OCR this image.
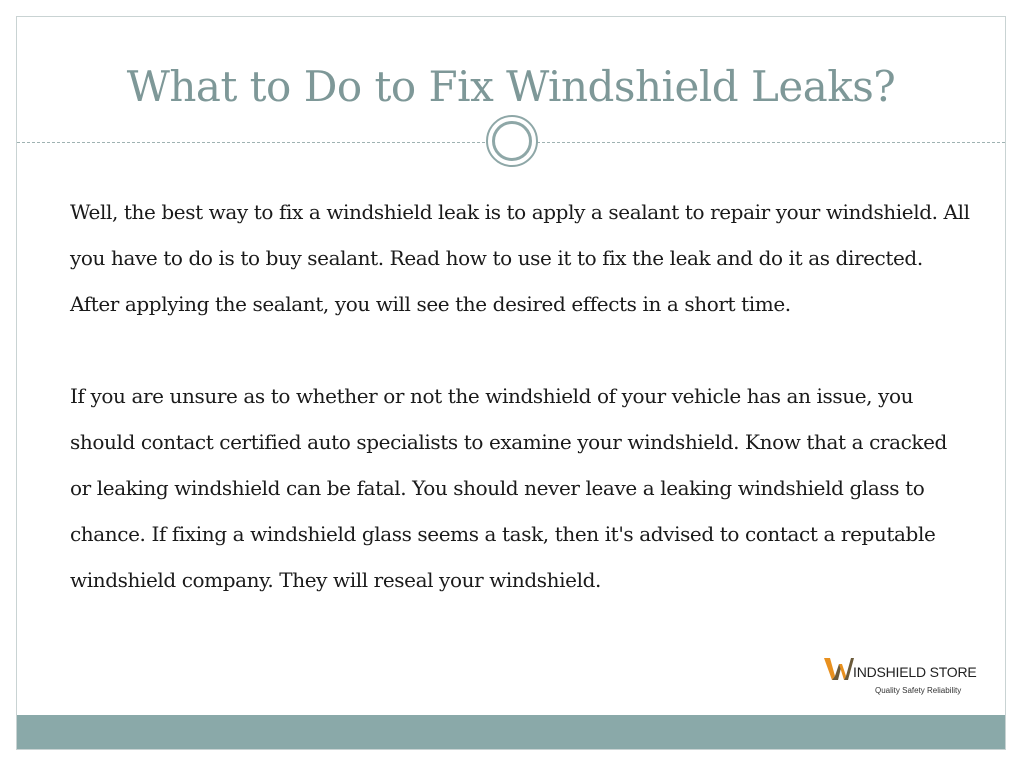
What to Do to Fix Windshield Leaks?

Well, the best way to fix a windshield leak is to apply a sealant to repair your windshield. All you have to do is to buy sealant. Read how to use it to fix the leak and do it as directed. After applying the sealant, you will see the desired effects in a short time.

If you are unsure as to whether or not the windshield of your vehicle has an issue, you should contact certified auto specialists to examine your windshield. Know that a cracked or leaking windshield can be fatal. You should never leave a leaking windshield glass to chance. If fixing a windshield glass seems a task, then it's advised to contact a reputable windshield company. They will reseal your windshield.

INDSHIELD STORE
Quality Safety Reliability
